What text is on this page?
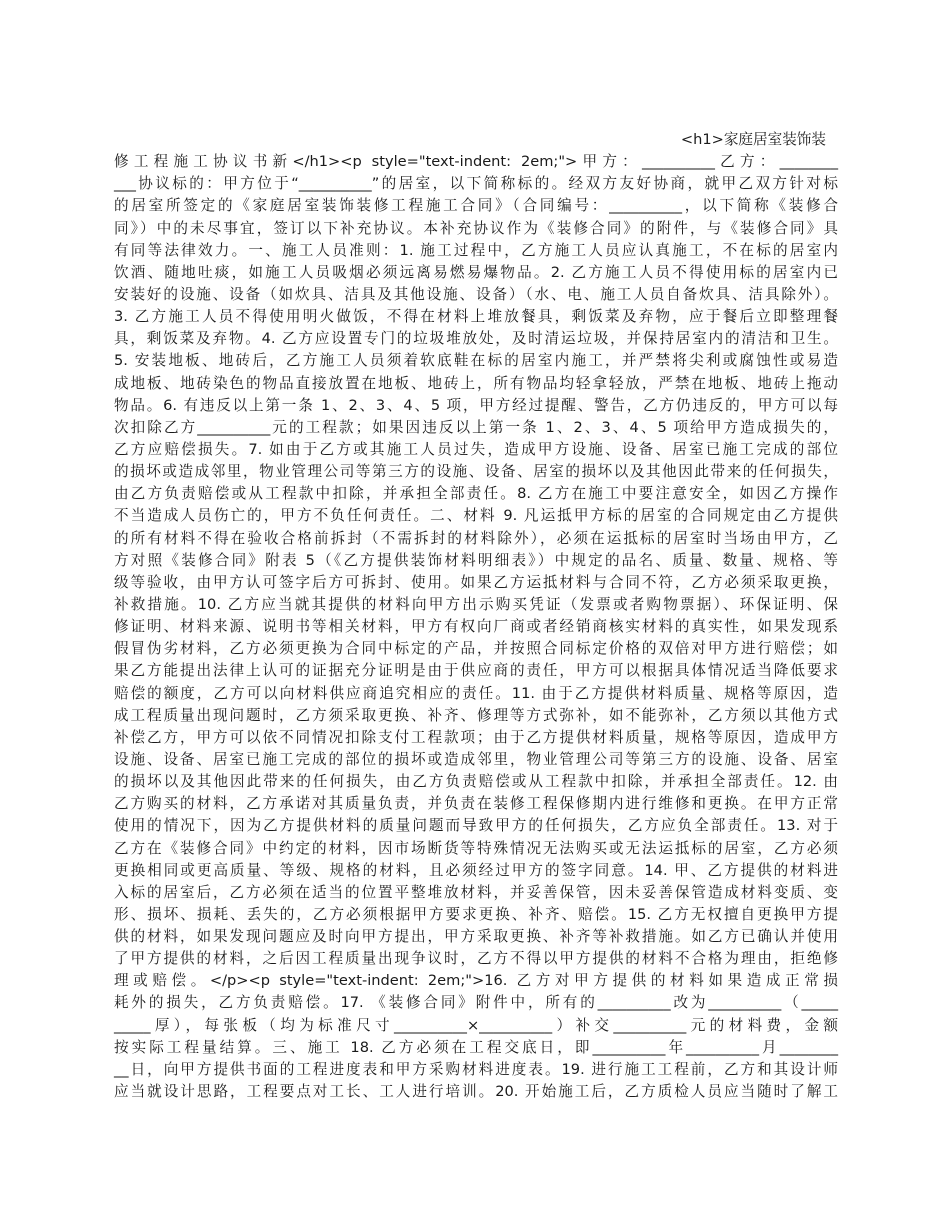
<h1>家庭居室装饰装
修工程施工协议书新</h1><p style="text-indent: 2em;">甲方：__________乙方：________
___协议标的：甲方位于“__________”的居室，以下简称标的。经双方友好协商，就甲乙双方针对标
的居室所签定的《家庭居室装饰装修工程施工合同》（合同编号：__________，以下简称《装修合
同》）中的未尽事宜，签订以下补充协议。本补充协议作为《装修合同》的附件，与《装修合同》具
有同等法律效力。一、施工人员准则：1. 施工过程中，乙方施工人员应认真施工，不在标的居室内
饮酒、随地吐痰，如施工人员吸烟必须远离易燃易爆物品。2. 乙方施工人员不得使用标的居室内已
安装好的设施、设备（如炊具、洁具及其他设施、设备）（水、电、施工人员自备炊具、洁具除外）。
3. 乙方施工人员不得使用明火做饭，不得在材料上堆放餐具，剩饭菜及弃物，应于餐后立即整理餐
具，剩饭菜及弃物。4. 乙方应设置专门的垃圾堆放处，及时清运垃圾，并保持居室内的清洁和卫生。
5. 安装地板、地砖后，乙方施工人员须着软底鞋在标的居室内施工，并严禁将尖利或腐蚀性或易造
成地板、地砖染色的物品直接放置在地板、地砖上，所有物品均轻拿轻放，严禁在地板、地砖上拖动
物品。6. 有违反以上第一条 1、2、3、4、5 项，甲方经过提醒、警告，乙方仍违反的，甲方可以每
次扣除乙方__________元的工程款；如果因违反以上第一条 1、2、3、4、5 项给甲方造成损失的，
乙方应赔偿损失。7. 如由于乙方或其施工人员过失，造成甲方设施、设备、居室已施工完成的部位
的损坏或造成邻里，物业管理公司等第三方的设施、设备、居室的损坏以及其他因此带来的任何损失，
由乙方负责赔偿或从工程款中扣除，并承担全部责任。8. 乙方在施工中要注意安全，如因乙方操作
不当造成人员伤亡的，甲方不负任何责任。二、材料 9. 凡运抵甲方标的居室的合同规定由乙方提供
的所有材料不得在验收合格前拆封（不需拆封的材料除外），必须在运抵标的居室时当场由甲方，乙
方对照《装修合同》附表 5（《乙方提供装饰材料明细表》）中规定的品名、质量、数量、规格、等
级等验收，由甲方认可签字后方可拆封、使用。如果乙方运抵材料与合同不符，乙方必须采取更换，
补救措施。10. 乙方应当就其提供的材料向甲方出示购买凭证（发票或者购物票据）、环保证明、保
修证明、材料来源、说明书等相关材料，甲方有权向厂商或者经销商核实材料的真实性，如果发现系
假冒伪劣材料，乙方必须更换为合同中标定的产品，并按照合同标定价格的双倍对甲方进行赔偿；如
果乙方能提出法律上认可的证据充分证明是由于供应商的责任，甲方可以根据具体情况适当降低要求
赔偿的额度，乙方可以向材料供应商追究相应的责任。11. 由于乙方提供材料质量、规格等原因，造
成工程质量出现问题时，乙方须采取更换、补齐、修理等方式弥补，如不能弥补，乙方须以其他方式
补偿乙方，甲方可以依不同情况扣除支付工程款项；由于乙方提供材料质量，规格等原因，造成甲方
设施、设备、居室已施工完成的部位的损坏或造成邻里，物业管理公司等第三方的设施、设备、居室
的损坏以及其他因此带来的任何损失，由乙方负责赔偿或从工程款中扣除，并承担全部责任。12. 由
乙方购买的材料，乙方承诺对其质量负责，并负责在装修工程保修期内进行维修和更换。在甲方正常
使用的情况下，因为乙方提供材料的质量问题而导致甲方的任何损失，乙方应负全部责任。13. 对于
乙方在《装修合同》中约定的材料，因市场断货等特殊情况无法购买或无法运抵标的居室，乙方必须
更换相同或更高质量、等级、规格的材料，且必须经过甲方的签字同意。14. 甲、乙方提供的材料进
入标的居室后，乙方必须在适当的位置平整堆放材料，并妥善保管，因未妥善保管造成材料变质、变
形、损坏、损耗、丢失的，乙方必须根据甲方要求更换、补齐、赔偿。15. 乙方无权擅自更换甲方提
供的材料，如果发现问题应及时向甲方提出，甲方采取更换、补齐等补救措施。如乙方已确认并使用
了甲方提供的材料，之后因工程质量出现争议时，乙方不得以甲方提供的材料不合格为理由，拒绝修
理或赔偿。</p><p style="text-indent: 2em;">16. 乙方对甲方提供的材料如果造成正常损
耗外的损失，乙方负责赔偿。17. 《装修合同》附件中，所有的__________改为__________（_____
_____厚），每张板（均为标准尺寸__________×__________）补交__________元的材料费，金额
按实际工程量结算。三、施工 18. 乙方必须在工程交底日，即__________年__________月________
__日，向甲方提供书面的工程进度表和甲方采购材料进度表。19. 进行施工工程前，乙方和其设计师
应当就设计思路，工程要点对工长、工人进行培训。20. 开始施工后，乙方质检人员应当随时了解工
